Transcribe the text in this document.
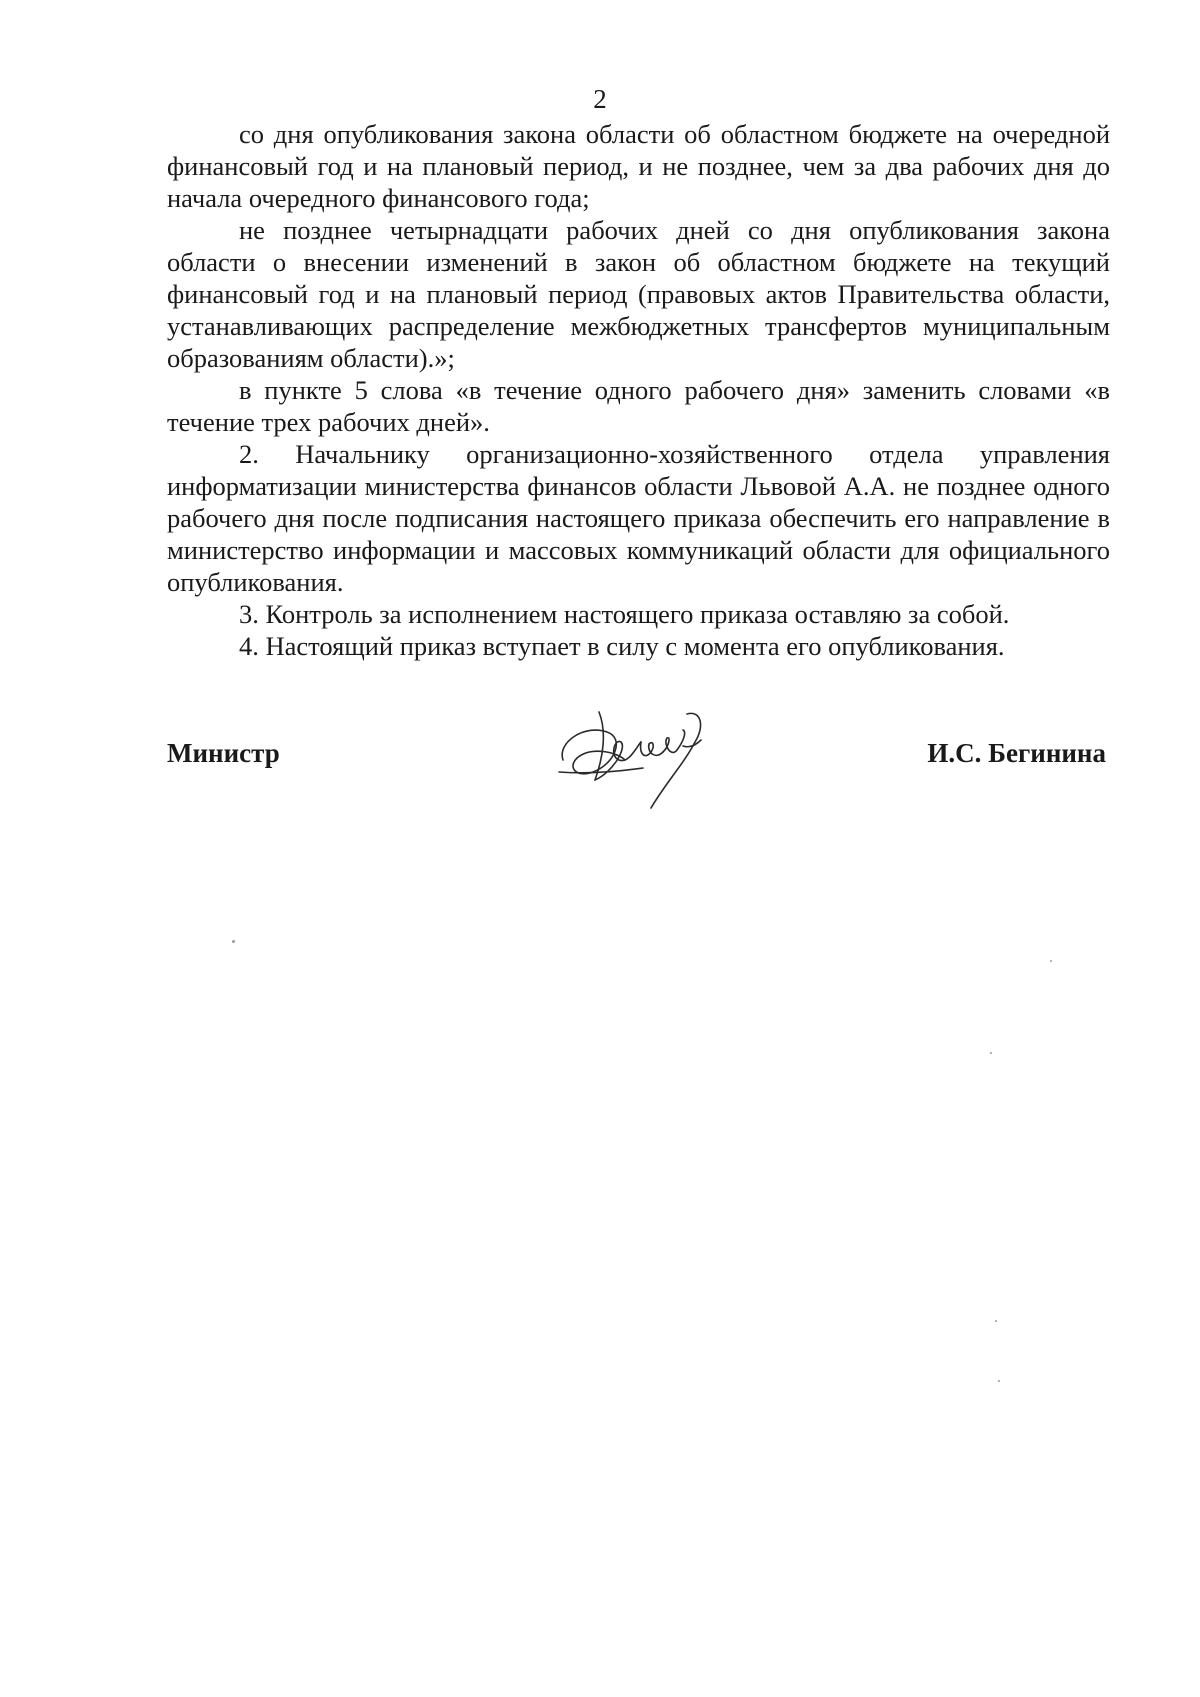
2

со дня опубликования закона области об областном бюджете на очередной финансовый год и на плановый период, и не позднее, чем за два рабочих дня до начала очередного финансового года;

не позднее четырнадцати рабочих дней со дня опубликования закона области о внесении изменений в закон об областном бюджете на текущий финансовый год и на плановый период (правовых актов Правительства области, устанавливающих распределение межбюджетных трансфертов муниципальным образованиям области).»;

в пункте 5 слова «в течение одного рабочего дня» заменить словами «в течение трех рабочих дней».

2. Начальнику организационно-хозяйственного отдела управления информатизации министерства финансов области Львовой А.А. не позднее одного рабочего дня после подписания настоящего приказа обеспечить его направление в министерство информации и массовых коммуникаций области для официального опубликования.

3. Контроль за исполнением настоящего приказа оставляю за собой.

4. Настоящий приказ вступает в силу с момента его опубликования.

Министр	И.С. Бегинина
